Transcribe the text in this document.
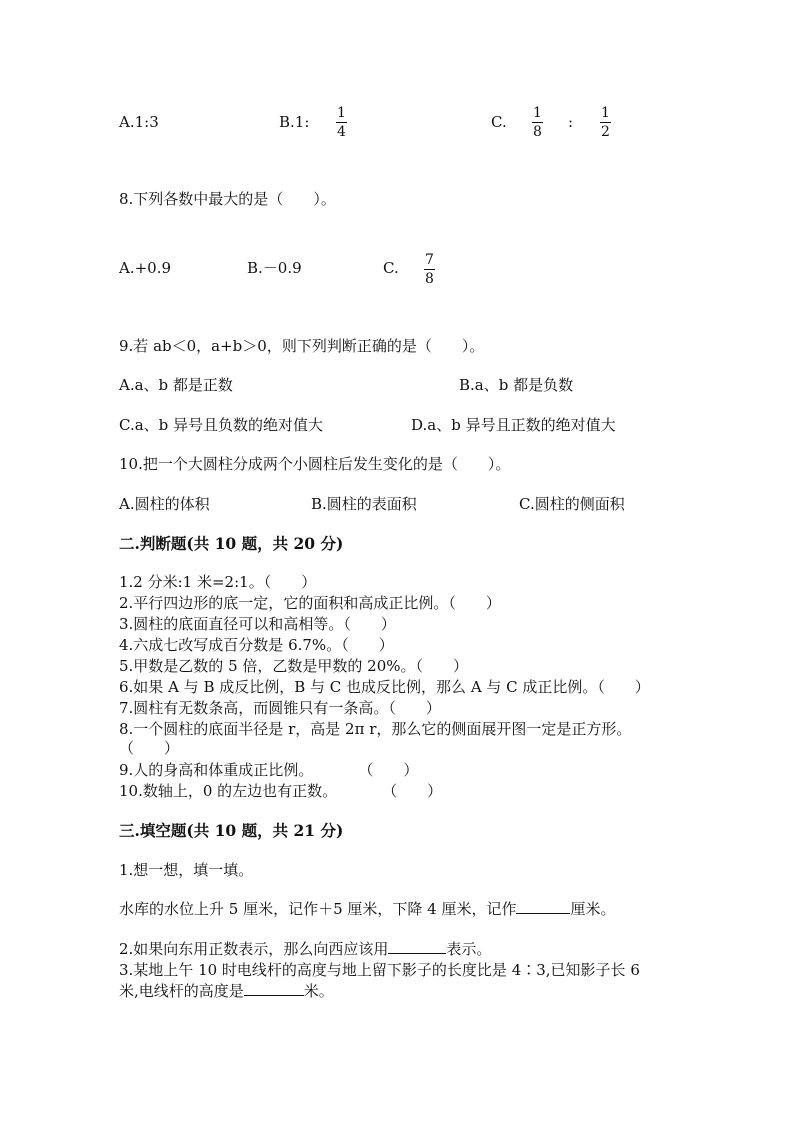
A.1:3	B.1: $\frac{1}{4}$	C. $\frac{1}{8}$ : $\frac{1}{2}$
8.下列各数中最大的是（　　）。
A.+0.9	B.－0.9	C. $\frac{7}{8}$
9.若 ab＜0，a+b＞0，则下列判断正确的是（　　）。
A.a、b 都是正数	B.a、b 都是负数
C.a、b 异号且负数的绝对值大	D.a、b 异号且正数的绝对值大
10.把一个大圆柱分成两个小圆柱后发生变化的是（　　）。
A.圆柱的体积	B.圆柱的表面积	C.圆柱的侧面积
二.判断题(共 10 题，共 20 分)
1.2 分米:1 米=2:1。（　　）
2.平行四边形的底一定，它的面积和高成正比例。（　　）
3.圆柱的底面直径可以和高相等。（　　）
4.六成七改写成百分数是 6.7%。（　　）
5.甲数是乙数的 5 倍，乙数是甲数的 20%。（　　）
6.如果 A 与 B 成反比例，B 与 C 也成反比例，那么 A 与 C 成正比例。（　　）
7.圆柱有无数条高，而圆锥只有一条高。（　　）
8.一个圆柱的底面半径是 r，高是 2π r，那么它的侧面展开图一定是正方形。
（　　）
9.人的身高和体重成正比例。　　　　（　　）
10.数轴上，0 的左边也有正数。　　　　（　　）
三.填空题(共 10 题，共 21 分)
1.想一想，填一填。
水库的水位上升 5 厘米，记作＋5 厘米，下降 4 厘米，记作	厘米。
2.如果向东用正数表示，那么向西应该用	表示。
3.某地上午 10 时电线杆的高度与地上留下影子的长度比是 4∶3,已知影子长 6
米,电线杆的高度是	米。
